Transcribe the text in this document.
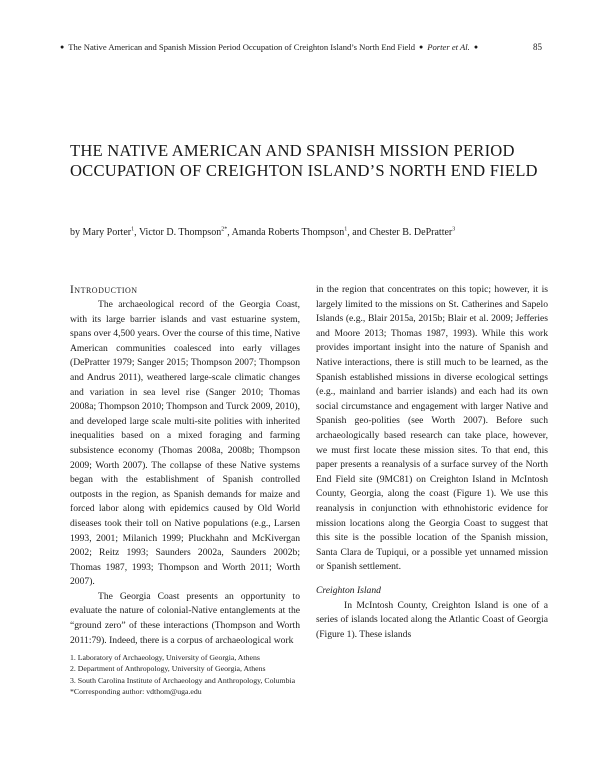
● The Native American and Spanish Mission Period Occupation of Creighton Island’s North End Field ● Porter et Al. ●	85
THE NATIVE AMERICAN AND SPANISH MISSION PERIOD OCCUPATION OF CREIGHTON ISLAND’S NORTH END FIELD
by Mary Porter$^1$, Victor D. Thompson$^{2*}$, Amanda Roberts Thompson$^1$, and Chester B. DePratter$^3$
Introduction

The archaeological record of the Georgia Coast, with its large barrier islands and vast estuarine system, spans over 4,500 years. Over the course of this time, Native American communities coalesced into early villages (DePratter 1979; Sanger 2015; Thompson 2007; Thompson and Andrus 2011), weathered large-scale climatic changes and variation in sea level rise (Sanger 2010; Thomas 2008a; Thompson 2010; Thompson and Turck 2009, 2010), and developed large scale multi-site polities with inherited inequalities based on a mixed foraging and farming subsistence economy (Thomas 2008a, 2008b; Thompson 2009; Worth 2007). The collapse of these Native systems began with the establishment of Spanish controlled outposts in the region, as Spanish demands for maize and forced labor along with epidemics caused by Old World diseases took their toll on Native populations (e.g., Larsen 1993, 2001; Milanich 1999; Pluckhahn and McKivergan 2002; Reitz 1993; Saunders 2002a, Saunders 2002b; Thomas 1987, 1993; Thompson and Worth 2011; Worth 2007).

The Georgia Coast presents an opportunity to evaluate the nature of colonial-Native entanglements at the “ground zero” of these interactions (Thompson and Worth 2011:79). Indeed, there is a corpus of archaeological work

in the region that concentrates on this topic; however, it is largely limited to the missions on St. Catherines and Sapelo Islands (e.g., Blair 2015a, 2015b; Blair et al. 2009; Jefferies and Moore 2013; Thomas 1987, 1993). While this work provides important insight into the nature of Spanish and Native interactions, there is still much to be learned, as the Spanish established missions in diverse ecological settings (e.g., mainland and barrier islands) and each had its own social circumstance and engagement with larger Native and Spanish geo-polities (see Worth 2007). Before such archaeologically based research can take place, however, we must first locate these mission sites. To that end, this paper presents a reanalysis of a surface survey of the North End Field site (9MC81) on Creighton Island in McIntosh County, Georgia, along the coast (Figure 1). We use this reanalysis in conjunction with ethnohistoric evidence for mission locations along the Georgia Coast to suggest that this site is the possible location of the Spanish mission, Santa Clara de Tupiqui, or a possible yet unnamed mission or Spanish settlement.

Creighton Island

In McIntosh County, Creighton Island is one of a series of islands located along the Atlantic Coast of Georgia (Figure 1). These islands

1. Laboratory of Archaeology, University of Georgia, Athens

2. Department of Anthropology, University of Georgia, Athens

3. South Carolina Institute of Archaeology and Anthropology, Columbia

*Corresponding author: vdthom@uga.edu
